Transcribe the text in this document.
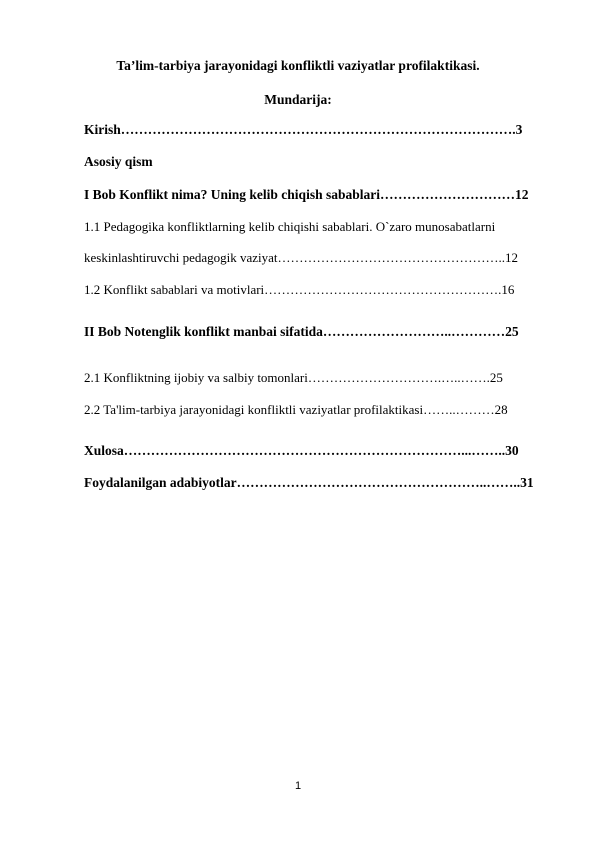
Ta’lim-tarbiya jarayonidagi konfliktli vaziyatlar profilaktikasi.
Mundarija:
Kirish…………………………………………………………………………….3
Asosiy qism
I Bob Konflikt nima? Uning kelib chiqish sabablari…………………………12
1.1 Pedagogika konfliktlarning kelib chiqishi sabablari. O`zaro munosabatlarni
keskinlashtiruvchi pedagogik vaziyat……………………………………………..12
1.2 Konflikt sabablari va motivlari……………………………………………….16
II Bob Notenglik konflikt manbai sifatida………………………..…………25
2.1 Konfliktning ijobiy va salbiy tomonlari………………………….…..…….25
2.2 Ta'lim-tarbiya jarayonidagi konfliktli vaziyatlar profilaktikasi……..………28
Xulosa…………………………………………………………………...……..30
Foydalanilgan adabiyotlar………………………………………………..……..31
1
